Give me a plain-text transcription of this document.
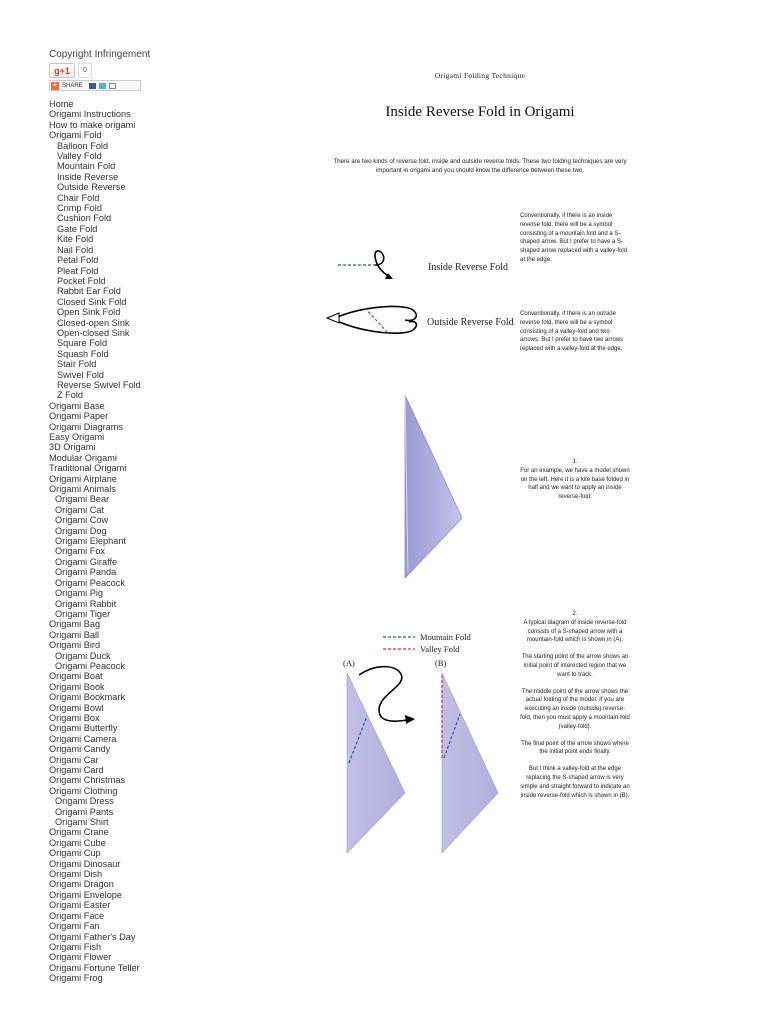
Copyright Infringement
g+1	0
+ SHARE
Home
Origami Instructions
How to make origami
Origami Fold
Balloon Fold
Valley Fold
Mountain Fold
Inside Reverse
Outside Reverse
Chair Fold
Crimp Fold
Cushion Fold
Gate Fold
Kite Fold
Nail Fold
Petal Fold
Pleat Fold
Pocket Fold
Rabbit Ear Fold
Closed Sink Fold
Open Sink Fold
Closed-open Sink
Open-closed Sink
Square Fold
Squash Fold
Stair Fold
Swivel Fold
Reverse Swivel Fold
Z Fold
Origami Base
Origami Paper
Origami Diagrams
Easy Origami
3D Origami
Modular Origami
Traditional Origami
Origami Airplane
Origami Animals
Origami Bear
Origami Cat
Origami Cow
Origami Dog
Origami Elephant
Origami Fox
Origami Giraffe
Origami Panda
Origami Peacock
Origami Pig
Origami Rabbit
Origami Tiger
Origami Bag
Origami Ball
Origami Bird
Origami Duck
Origami Peacock
Origami Boat
Origami Book
Origami Bookmark
Origami Bowl
Origami Box
Origami Butterfly
Origami Camera
Origami Candy
Origami Car
Origami Card
Origami Christmas
Origami Clothing
Origami Dress
Origami Pants
Origami Shirt
Origami Crane
Origami Cube
Origami Cup
Origami Dinosaur
Origami Dish
Origami Dragon
Origami Envelope
Origami Easter
Origami Face
Origami Fan
Origami Father's Day
Origami Fish
Origami Flower
Origami Fortune Teller
Origami Frog
Origami Folding Technique
Inside Reverse Fold in Origami
There are two kinds of reverse fold, inside and outside reverse folds. These two folding techniques are very important in origami and you should know the difference between these two.
Inside Reverse Fold
Outside Reverse Fold
Conventionally, if there is an inside reverse fold, there will be a symbol consisting of a mountain fold and a S-shaped arrow. But I prefer to have a S-shaped arrow replaced with a valley-fold at the edge.
Conventionally, if there is an outside reverse fold, there will be a symbol consisting of a valley-fold and two arrows. But I prefer to have two arrows replaced with a valley-fold at the edge.
1.
For an example, we have a model shown on the left. Here it is a kite base folded in half and we want to apply an inside reverse-fold.
Mountain Fold
Valley Fold
(A)	(B)
2.

A typical diagram of inside reverse-fold consists of a S-shaped arrow with a mountain-fold which is shown in (A).

The starting point of the arrow shows an initial point of interested region that we want to track.

The middle point of the arrow shows the actual folding of the model. If you are executing an inside (outside) reverse-fold, then you must apply a mountain-fold (valley-fold).

The final point of the arrow shows where the initial point ends finally.

But I think a valley-fold at the edge replacing the S-shaped arrow is very simple and straight forward to indicate an inside reverse-fold which is shown in (B).
